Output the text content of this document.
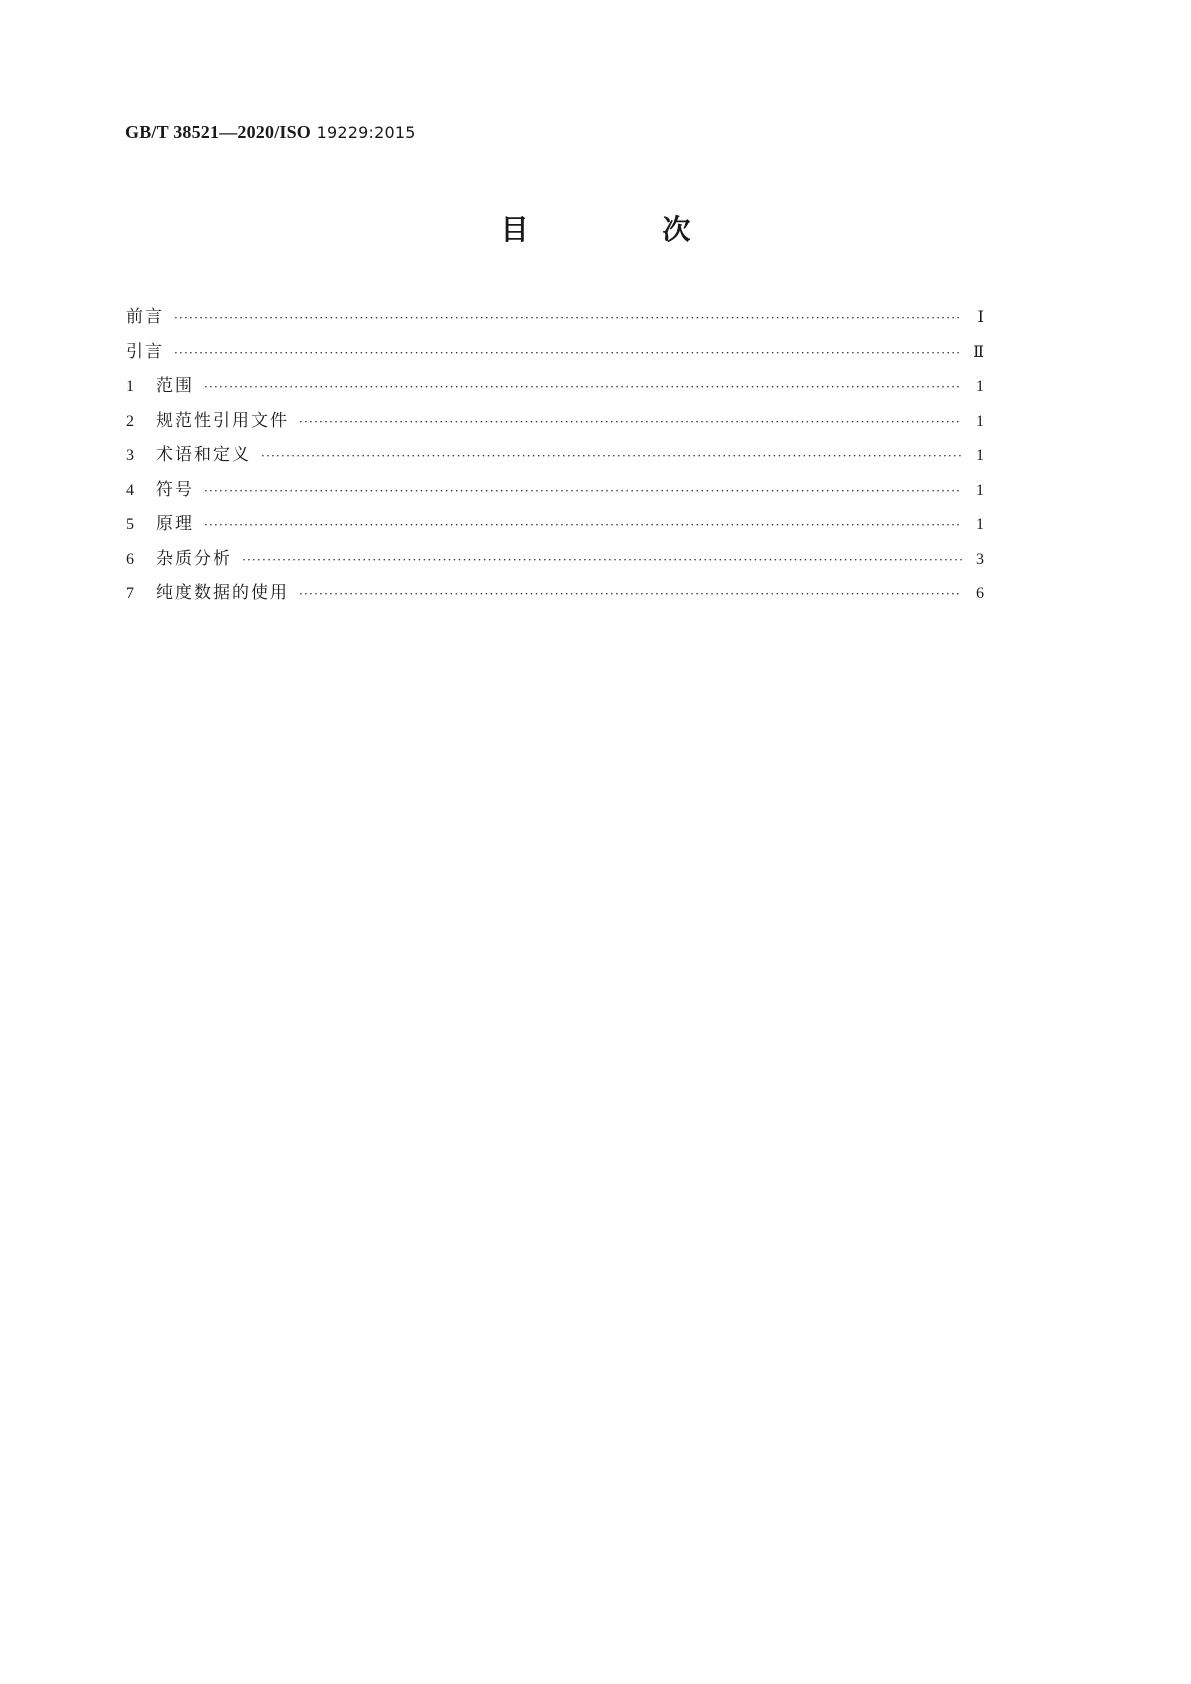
GB/T 38521—2020/ISO 19229:2015
目 次
前言 ·····	Ⅰ
引言 ·····	Ⅱ
1	范围 ·····	1
2	规范性引用文件 ·····	1
3	术语和定义 ·····	1
4	符号 ·····	1
5	原理 ·····	1
6	杂质分析 ·····	3
7	纯度数据的使用 ·····	6
